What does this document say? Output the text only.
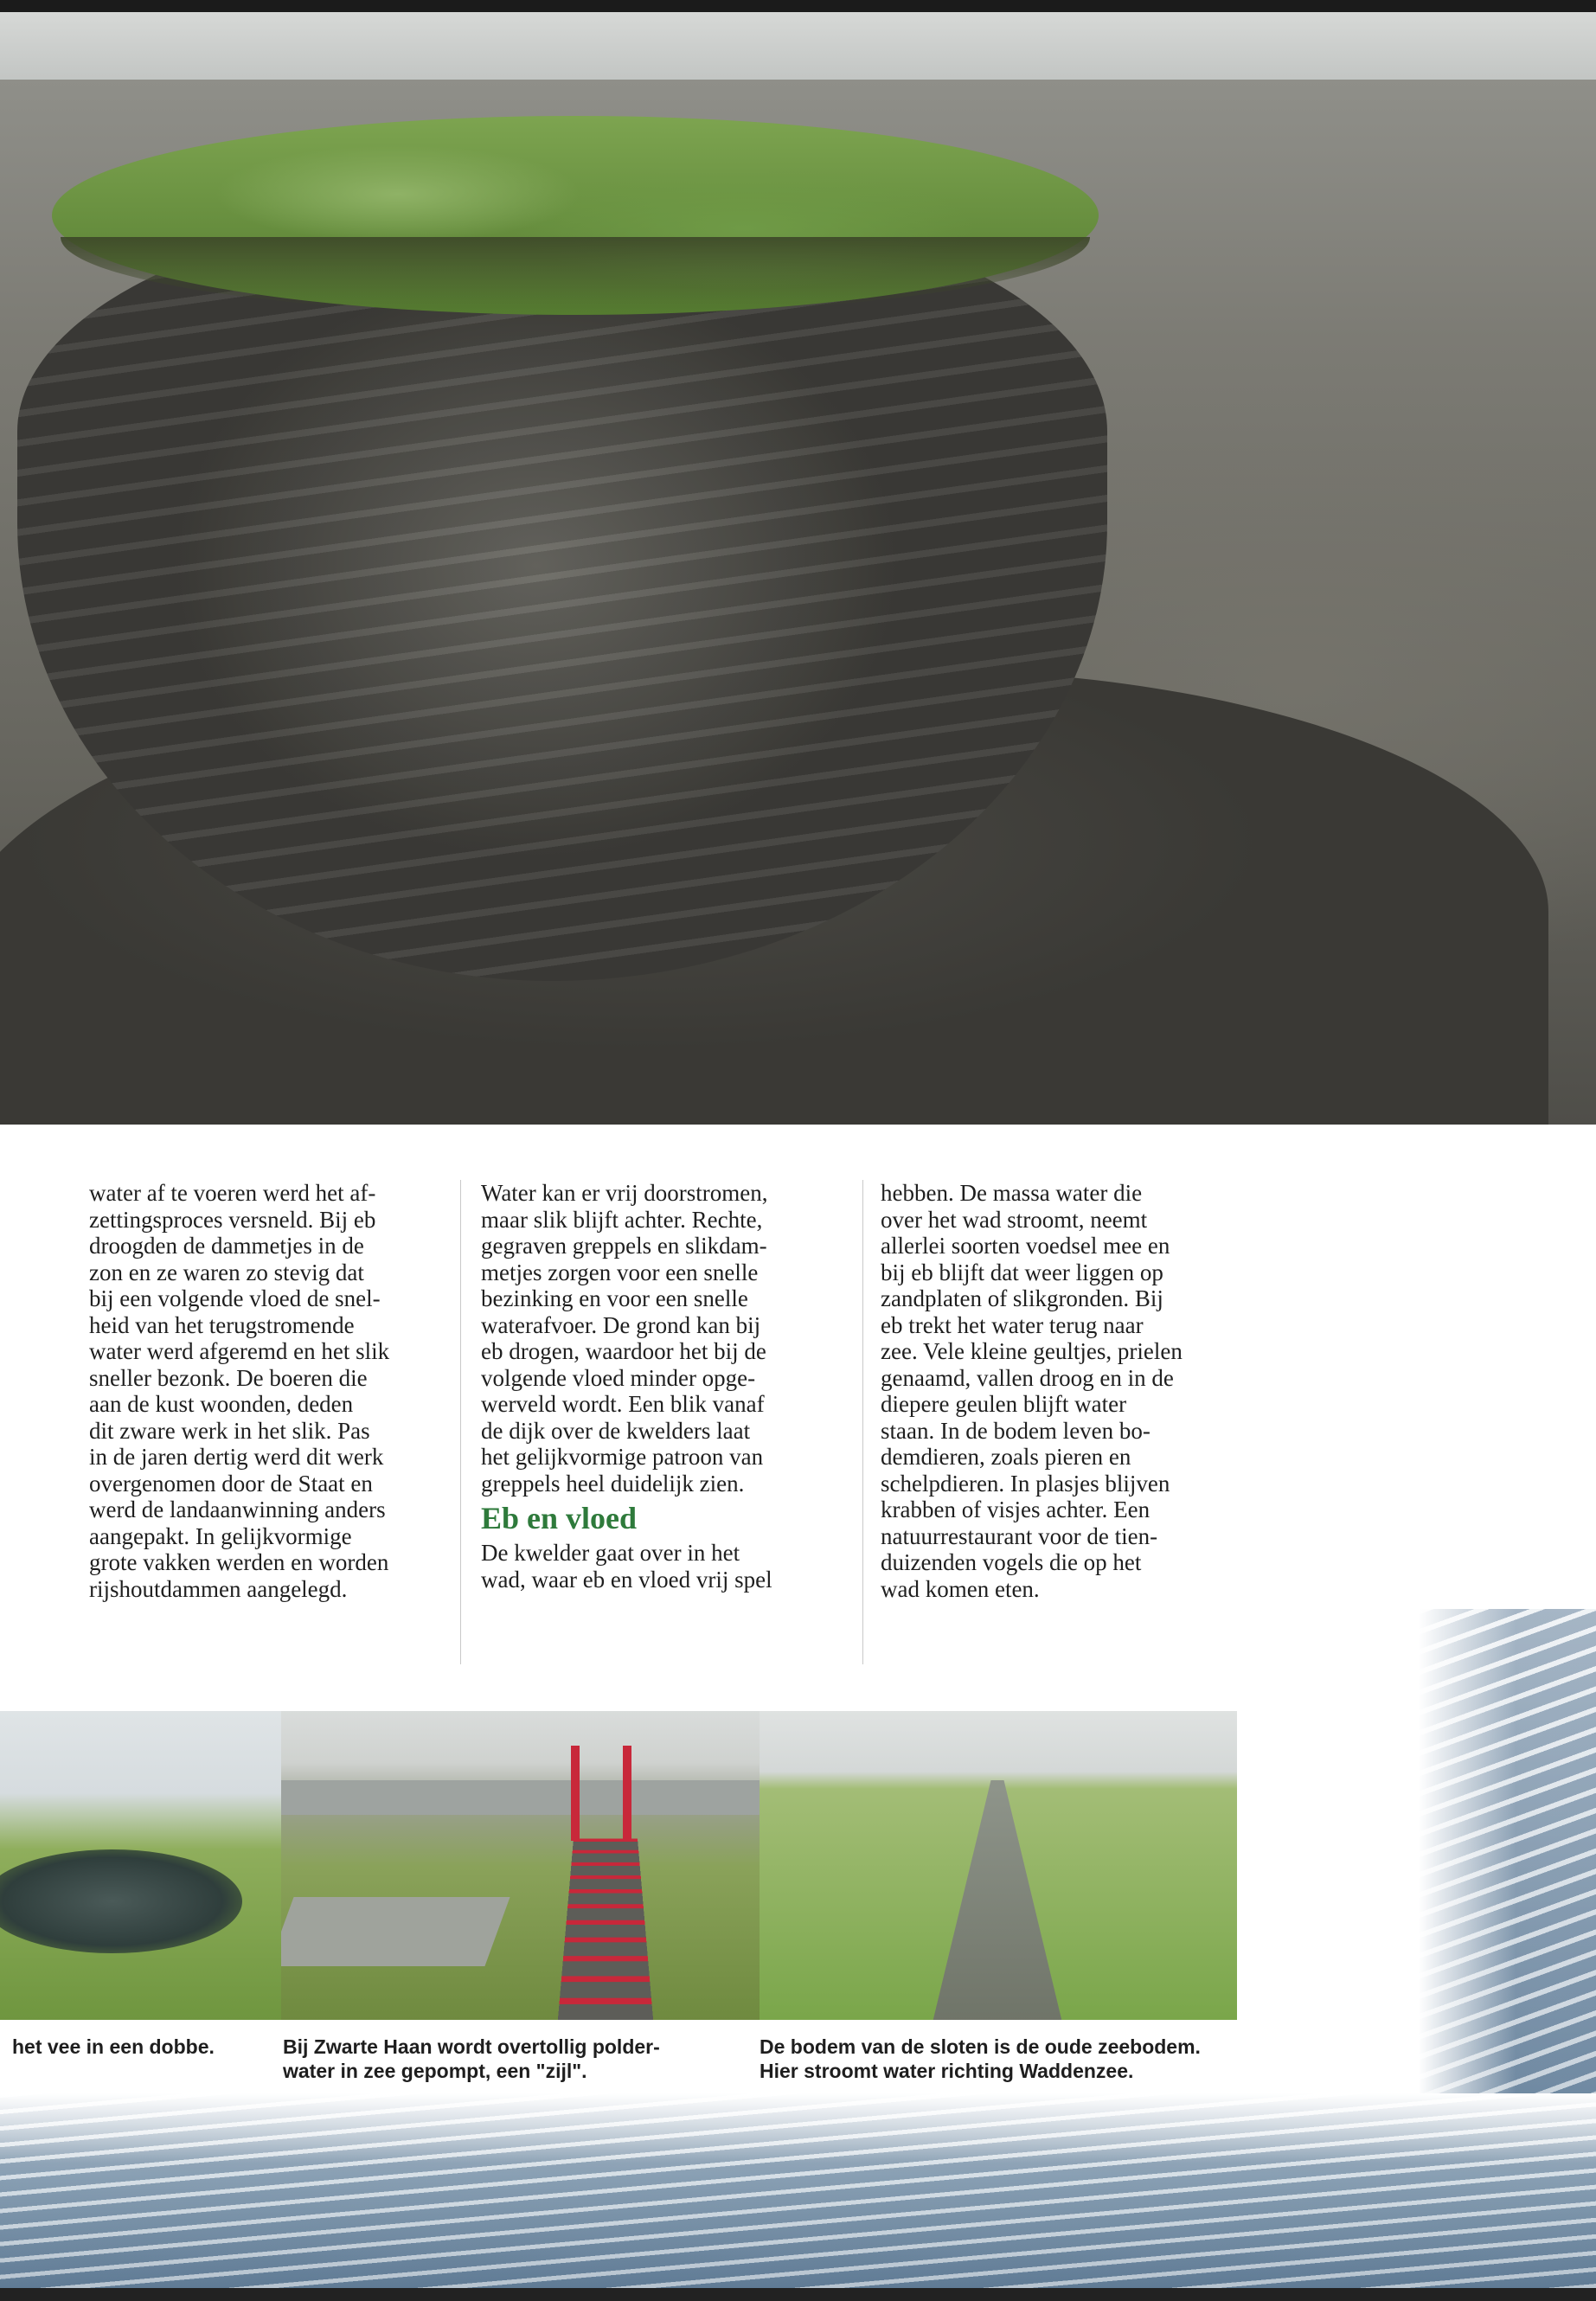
water af te voeren werd het af-
zettingsproces versneld. Bij eb
droogden de dammetjes in de
zon en ze waren zo stevig dat
bij een volgende vloed de snel-
heid van het terugstromende
water werd afgeremd en het slik
sneller bezonk. De boeren die
aan de kust woonden, deden
dit zware werk in het slik. Pas
in de jaren dertig werd dit werk
overgenomen door de Staat en
werd de landaanwinning anders
aangepakt. In gelijkvormige
grote vakken werden en worden
rijshoutdammen aangelegd.

Water kan er vrij doorstromen,
maar slik blijft achter. Rechte,
gegraven greppels en slikdam-
metjes zorgen voor een snelle
bezinking en voor een snelle
waterafvoer. De grond kan bij
eb drogen, waardoor het bij de
volgende vloed minder opge-
werveld wordt. Een blik vanaf
de dijk over de kwelders laat
het gelijkvormige patroon van
greppels heel duidelijk zien.

Eb en vloed

De kwelder gaat over in het
wad, waar eb en vloed vrij spel

hebben. De massa water die
over het wad stroomt, neemt
allerlei soorten voedsel mee en
bij eb blijft dat weer liggen op
zandplaten of slikgronden. Bij
eb trekt het water terug naar
zee. Vele kleine geultjes, prielen
genaamd, vallen droog en in de
diepere geulen blijft water
staan. In de bodem leven bo-
demdieren, zoals pieren en
schelpdieren. In plasjes blijven
krabben of visjes achter. Een
natuurrestaurant voor de tien-
duizenden vogels die op het
wad komen eten.

het vee in een dobbe.	Bij Zwarte Haan wordt overtollig polder-
water in zee gepompt, een "zijl".
De bodem van de sloten is de oude zeebodem.
Hier stroomt water richting Waddenzee.
